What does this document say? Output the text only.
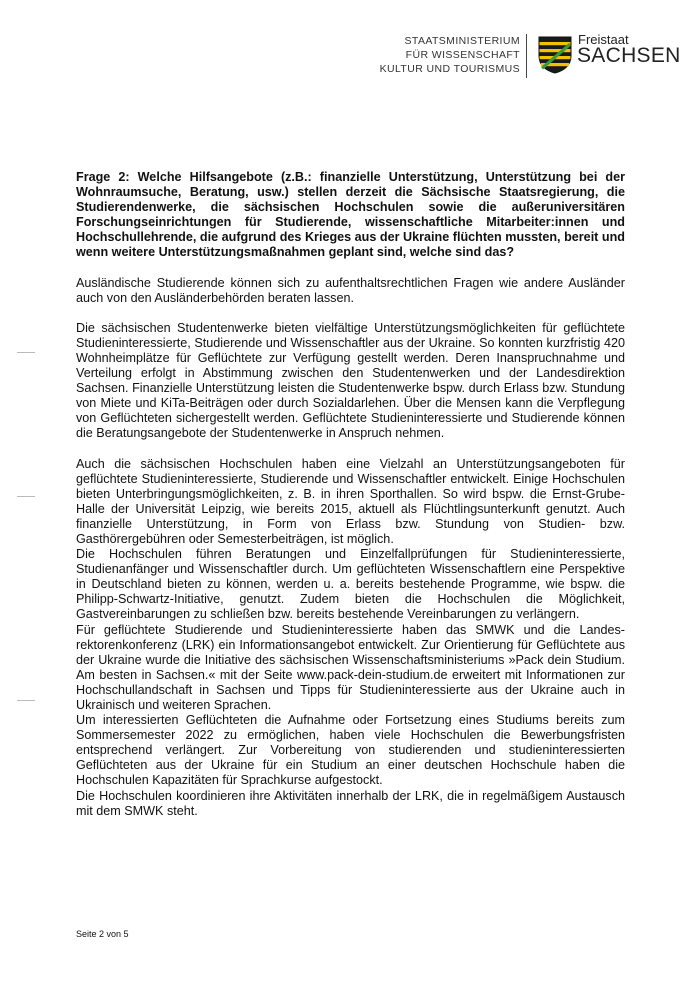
STAATSMINISTERIUM
FÜR WISSENSCHAFT
KULTUR UND TOURISMUS
Freistaat
SACHSEN

Frage 2: Welche Hilfsangebote (z.B.: finanzielle Unterstützung, Unterstützung bei der Wohnraumsuche, Beratung, usw.) stellen derzeit die Sächsische Staatsregierung, die Studierendenwerke, die sächsischen Hochschulen sowie die außeruniversitären Forschungseinrichtungen für Studierende, wissenschaftliche Mitarbeiter:innen und Hochschullehrende, die aufgrund des Krieges aus der Ukraine flüchten mussten, bereit und wenn weitere Unterstützungsmaßnahmen geplant sind, welche sind das?

Ausländische Studierende können sich zu aufenthaltsrechtlichen Fragen wie andere Ausländer auch von den Ausländerbehörden beraten lassen.

Die sächsischen Studentenwerke bieten vielfältige Unterstützungsmöglichkeiten für geflüchtete Studieninteressierte, Studierende und Wissenschaftler aus der Ukraine. So konnten kurzfristig 420 Wohnheimplätze für Geflüchtete zur Verfügung gestellt werden. Deren Inanspruchnahme und Verteilung erfolgt in Abstimmung zwischen den Studentenwerken und der Landesdirektion Sachsen. Finanzielle Unterstützung leisten die Studentenwerke bspw. durch Erlass bzw. Stundung von Miete und KiTa-Beiträgen oder durch Sozialdarlehen. Über die Mensen kann die Verpflegung von Geflüchteten sichergestellt werden. Geflüchtete Studieninteressierte und Studierende können die Beratungsangebote der Studentenwerke in Anspruch nehmen.

Auch die sächsischen Hochschulen haben eine Vielzahl an Unterstützungsangeboten für geflüchtete Studieninteressierte, Studierende und Wissenschaftler entwickelt. Einige Hochschulen bieten Unterbringungsmöglichkeiten, z. B. in ihren Sporthallen. So wird bspw. die Ernst-Grube-Halle der Universität Leipzig, wie bereits 2015, aktuell als Flüchtlingsunterkunft genutzt. Auch finanzielle Unterstützung, in Form von Erlass bzw. Stundung von Studien- bzw. Gasthörergebühren oder Semesterbeiträgen, ist möglich.

Die Hochschulen führen Beratungen und Einzelfallprüfungen für Studieninteressierte, Studienanfänger und Wissenschaftler durch. Um geflüchteten Wissenschaftlern eine Perspektive in Deutschland bieten zu können, werden u. a. bereits bestehende Programme, wie bspw. die Philipp-Schwartz-Initiative, genutzt. Zudem bieten die Hochschulen die Möglichkeit, Gastvereinbarungen zu schließen bzw. bereits bestehende Vereinbarungen zu verlängern.

Für geflüchtete Studierende und Studieninteressierte haben das SMWK und die Landesrektorenkonferenz (LRK) ein Informationsangebot entwickelt. Zur Orientierung für Geflüchtete aus der Ukraine wurde die Initiative des sächsischen Wissenschaftsministeriums »Pack dein Studium. Am besten in Sachsen.« mit der Seite www.pack-dein-studium.de erweitert mit Informationen zur Hochschullandschaft in Sachsen und Tipps für Studieninteressierte aus der Ukraine auch in Ukrainisch und weiteren Sprachen.

Um interessierten Geflüchteten die Aufnahme oder Fortsetzung eines Studiums bereits zum Sommersemester 2022 zu ermöglichen, haben viele Hochschulen die Bewerbungsfristen entsprechend verlängert. Zur Vorbereitung von studierenden und studieninteressierten Geflüchteten aus der Ukraine für ein Studium an einer deutschen Hochschule haben die Hochschulen Kapazitäten für Sprachkurse aufgestockt.

Die Hochschulen koordinieren ihre Aktivitäten innerhalb der LRK, die in regelmäßigem Austausch mit dem SMWK steht.

Seite 2 von 5
